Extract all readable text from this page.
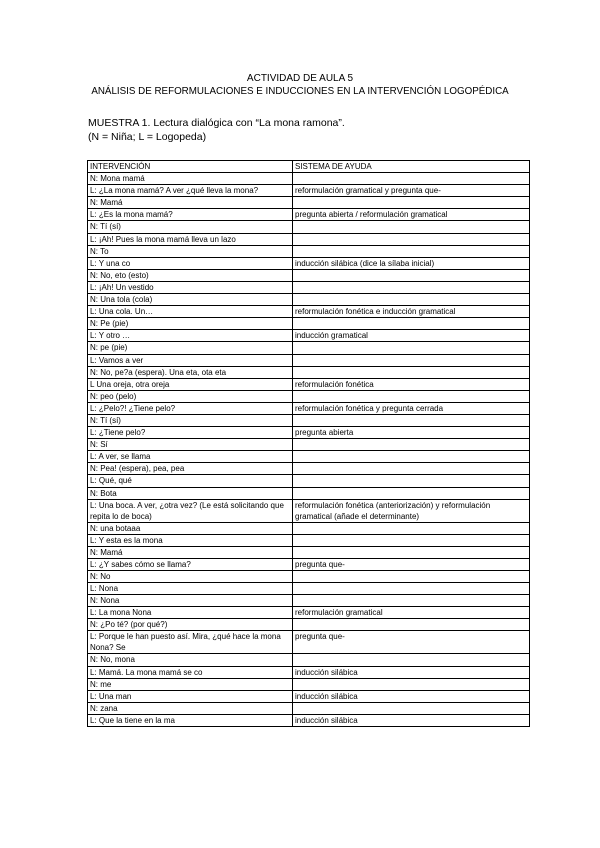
ACTIVIDAD DE AULA 5
ANÁLISIS DE REFORMULACIONES E INDUCCIONES EN LA INTERVENCIÓN LOGOPÉDICA
MUESTRA 1. Lectura dialógica con “La mona ramona”.
(N = Niña; L = Logopeda)
INTERVENCIÓN	SISTEMA DE AYUDA
N: Mona mamá	
L: ¿La mona mamá? A ver ¿qué lleva la mona?	reformulación gramatical y pregunta que-
N: Mamá	
L: ¿Es la mona mamá?	pregunta abierta / reformulación gramatical
N: Tí (sí)	
L: ¡Ah! Pues la mona mamá lleva un lazo	
N: To	
L: Y una co	inducción silábica (dice la sílaba inicial)
N: No, eto (esto)	
L: ¡Ah! Un vestido	
N: Una tola (cola)	
L: Una cola. Un…	reformulación fonética e inducción gramatical
N: Pe (pie)	
L: Y otro …	inducción gramatical
N: pe (pie)	
L: Vamos a ver	
N: No, pe?a (espera). Una eta, ota eta	
L Una oreja, otra oreja	reformulación fonética
N: peo (pelo)	
L: ¿Pelo?! ¿Tiene pelo?	reformulación fonética y pregunta cerrada
N: Tí (sí)	
L: ¿Tiene pelo?	pregunta abierta
N: Sí	
L: A ver, se llama	
N: Pea! (espera), pea, pea	
L: Qué, qué	
N: Bota	
L: Una boca. A ver, ¿otra vez? (Le está solicitando que repita lo de boca)	reformulación fonética (anteriorización) y reformulación gramatical (añade el determinante)
N: una botaaa	
L: Y esta es la mona	
N: Mamá	
L: ¿Y sabes cómo se llama?	pregunta que-
N: No	
L: Nona	
N: Nona	
L: La mona Nona	reformulación gramatical
N: ¿Po té? (por qué?)	
L: Porque le han puesto así. Mira, ¿qué hace la mona Nona? Se	pregunta que-
N: No, mona	
L: Mamá. La mona mamá se co	inducción silábica
N: me	
L: Una man	inducción silábica
N: zana	
L: Que la tiene en la ma	inducción silábica
